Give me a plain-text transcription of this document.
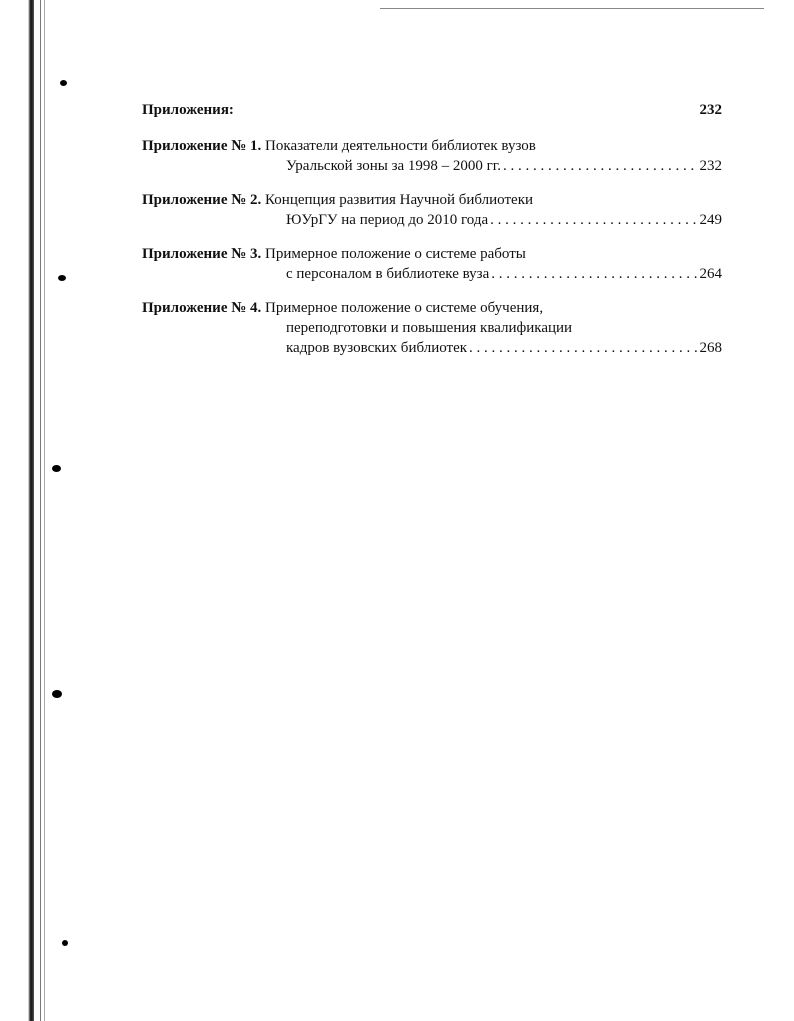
Приложения:	232
Приложение № 1. Показатели деятельности библиотек вузов
Уральской зоны за 1998 – 2000 гг. . . .	232
Приложение № 2. Концепция развития Научной библиотеки
ЮУрГУ на период до 2010 года . . .	249
Приложение № 3. Примерное положение о системе работы
с персоналом в библиотеке вуза . . .	264
Приложение № 4. Примерное положение о системе обучения,
переподготовки и повышения квалификации
кадров вузовских библиотек . . .	268
